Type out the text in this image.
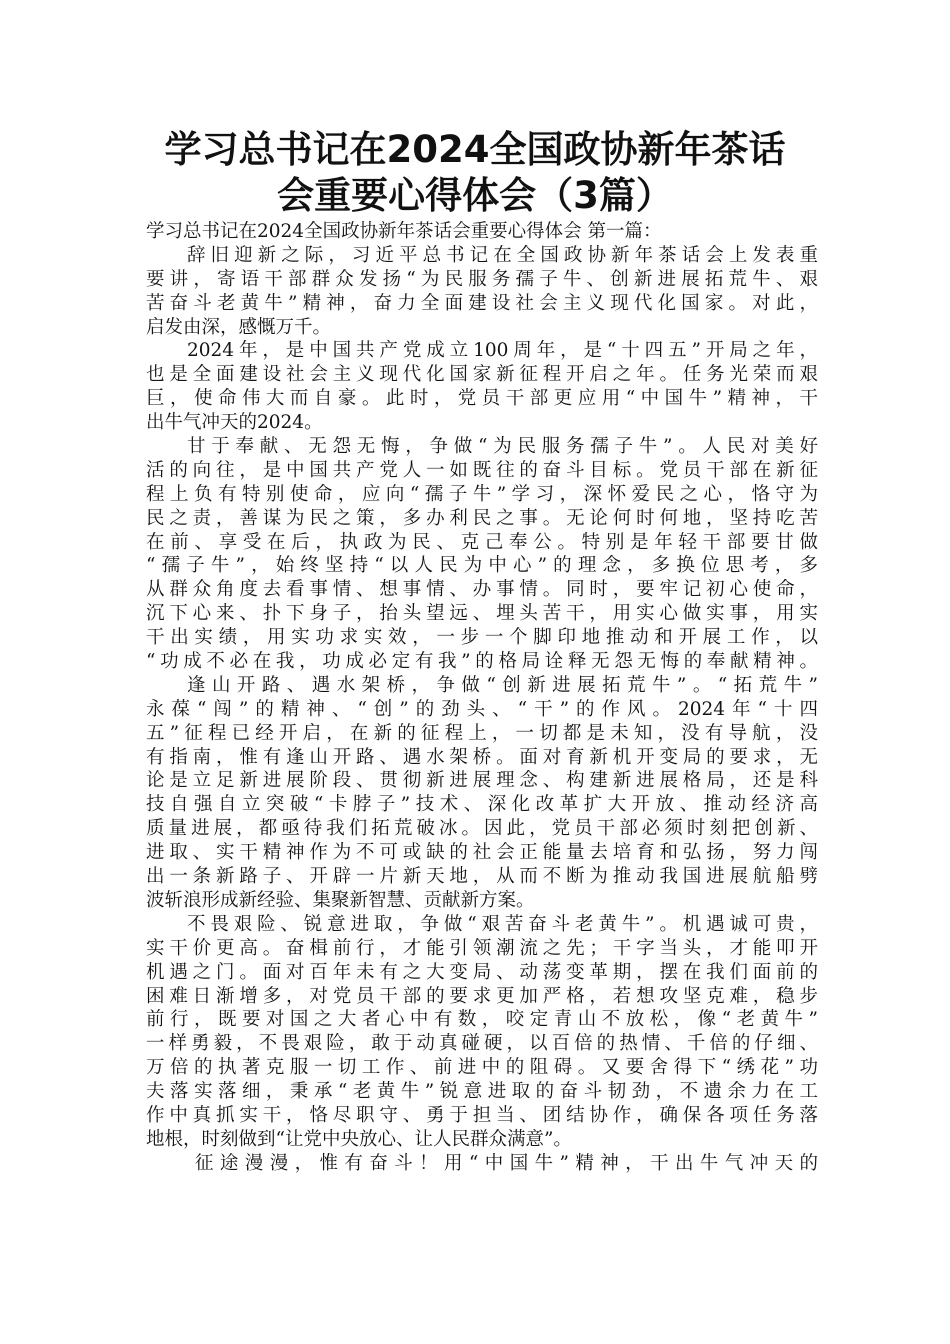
学习总书记在2024全国政协新年茶话
会重要心得体会（3篇）
学习总书记在2024全国政协新年茶话会重要心得体会 第一篇：
辞旧迎新之际，习近平总书记在全国政协新年茶话会上发表重
要讲，寄语干部群众发扬“为民服务孺子牛、创新进展拓荒牛、艰
苦奋斗老黄牛”精神，奋力全面建设社会主义现代化国家。对此，
启发由深，感慨万千。
2024年，是中国共产党成立100周年，是“十四五”开局之年，
也是全面建设社会主义现代化国家新征程开启之年。任务光荣而艰
巨，使命伟大而自豪。此时，党员干部更应用“中国牛”精神，干
出牛气冲天的2024。
甘于奉献、无怨无悔，争做“为民服务孺子牛”。人民对美好
活的向往，是中国共产党人一如既往的奋斗目标。党员干部在新征
程上负有特别使命，应向“孺子牛”学习，深怀爱民之心，恪守为
民之责，善谋为民之策，多办利民之事。无论何时何地，坚持吃苦
在前、享受在后，执政为民、克己奉公。特别是年轻干部要甘做
“孺子牛”，始终坚持“以人民为中心”的理念，多换位思考，多
从群众角度去看事情、想事情、办事情。同时，要牢记初心使命，
沉下心来、扑下身子，抬头望远、埋头苦干，用实心做实事，用实
干出实绩，用实功求实效，一步一个脚印地推动和开展工作，以
“功成不必在我，功成必定有我”的格局诠释无怨无悔的奉献精神。
逢山开路、遇水架桥，争做“创新进展拓荒牛”。“拓荒牛”
永葆“闯”的精神、“创”的劲头、“干”的作风。2024年“十四
五”征程已经开启，在新的征程上，一切都是未知，没有导航，没
有指南，惟有逢山开路、遇水架桥。面对育新机开变局的要求，无
论是立足新进展阶段、贯彻新进展理念、构建新进展格局，还是科
技自强自立突破“卡脖子”技术、深化改革扩大开放、推动经济高
质量进展，都亟待我们拓荒破冰。因此，党员干部必须时刻把创新、
进取、实干精神作为不可或缺的社会正能量去培育和弘扬，努力闯
出一条新路子、开辟一片新天地，从而不断为推动我国进展航船劈
波斩浪形成新经验、集聚新智慧、贡献新方案。
不畏艰险、锐意进取，争做“艰苦奋斗老黄牛”。机遇诚可贵，
实干价更高。奋楫前行，才能引领潮流之先；干字当头，才能叩开
机遇之门。面对百年未有之大变局、动荡变革期，摆在我们面前的
困难日渐增多，对党员干部的要求更加严格，若想攻坚克难，稳步
前行，既要对国之大者心中有数，咬定青山不放松，像“老黄牛”
一样勇毅，不畏艰险，敢于动真碰硬，以百倍的热情、千倍的仔细、
万倍的执著克服一切工作、前进中的阻碍。又要舍得下“绣花”功
夫落实落细，秉承“老黄牛”锐意进取的奋斗韧劲，不遗余力在工
作中真抓实干，恪尽职守、勇于担当、团结协作，确保各项任务落
地根，时刻做到“让党中央放心、让人民群众满意”。
征途漫漫，惟有奋斗！用“中国牛”精神，干出牛气冲天的
